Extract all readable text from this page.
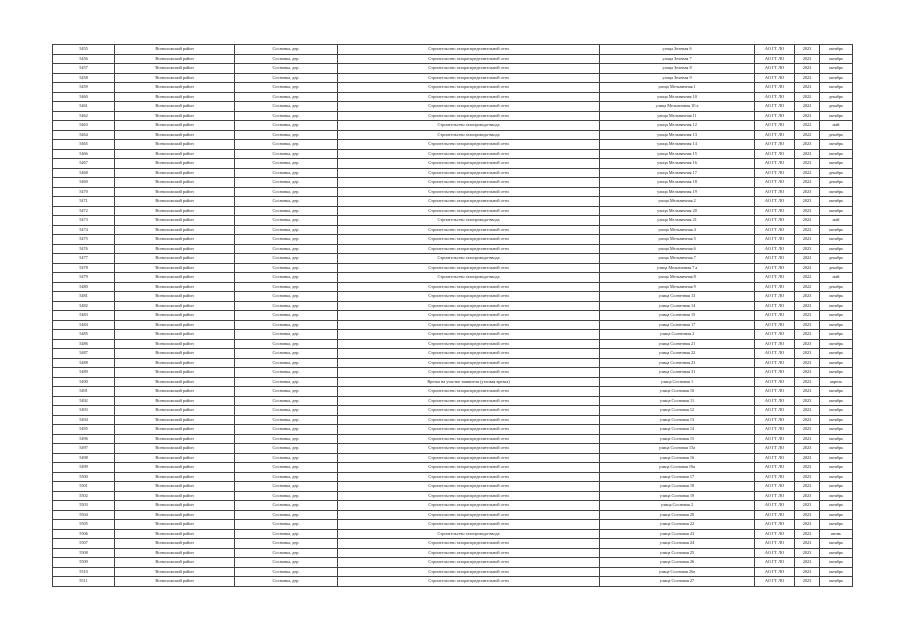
5455	Всеволожский район	Сосновка, дер.	Строительство газораспределительной сети	улица Зеленая 6	АО ГТ ЛО	2023	октябрь
5456	Всеволожский район	Сосновка, дер.	Строительство газораспределительной сети	улица Зеленая 7	АО ГТ ЛО	2023	октябрь
5457	Всеволожский район	Сосновка, дер.	Строительство газораспределительной сети	улица Зеленая 8	АО ГТ ЛО	2023	октябрь
5458	Всеволожский район	Сосновка, дер.	Строительство газораспределительной сети	улица Зеленая 9	АО ГТ ЛО	2023	октябрь
5459	Всеволожский район	Сосновка, дер.	Строительство газораспределительной сети	улица Мельничная 1	АО ГТ ЛО	2023	октябрь
5460	Всеволожский район	Сосновка, дер.	Строительство газораспределительной сети	улица Мельничная 10	АО ГТ ЛО	2022	декабрь
5461	Всеволожский район	Сосновка, дер.	Строительство газораспределительной сети	улица Мельничная 10 а	АО ГТ ЛО	2022	декабрь
5462	Всеволожский район	Сосновка, дер.	Строительство газораспределительной сети	улица Мельничная 11	АО ГТ ЛО	2023	октябрь
5463	Всеволожский район	Сосновка, дер.	Строительство газопровода-ввода	улица Мельничная 12	АО ГТ ЛО	2022	май
5464	Всеволожский район	Сосновка, дер.	Строительство газопровода-ввода	улица Мельничная 13	АО ГТ ЛО	2022	декабрь
5465	Всеволожский район	Сосновка, дер.	Строительство газораспределительной сети	улица Мельничная 14	АО ГТ ЛО	2023	октябрь
5466	Всеволожский район	Сосновка, дер.	Строительство газораспределительной сети	улица Мельничная 15	АО ГТ ЛО	2023	октябрь
5467	Всеволожский район	Сосновка, дер.	Строительство газораспределительной сети	улица Мельничная 16	АО ГТ ЛО	2023	октябрь
5468	Всеволожский район	Сосновка, дер.	Строительство газораспределительной сети	улица Мельничная 17	АО ГТ ЛО	2022	декабрь
5469	Всеволожский район	Сосновка, дер.	Строительство газораспределительной сети	улица Мельничная 18	АО ГТ ЛО	2022	декабрь
5470	Всеволожский район	Сосновка, дер.	Строительство газораспределительной сети	улица Мельничная 19	АО ГТ ЛО	2023	октябрь
5471	Всеволожский район	Сосновка, дер.	Строительство газораспределительной сети	улица Мельничная 2	АО ГТ ЛО	2023	октябрь
5472	Всеволожский район	Сосновка, дер.	Строительство газораспределительной сети	улица Мельничная 20	АО ГТ ЛО	2023	октябрь
5473	Всеволожский район	Сосновка, дер.	Строительство газопровода-ввода	улица Мельничная 21	АО ГТ ЛО	2022	май
5474	Всеволожский район	Сосновка, дер.	Строительство газораспределительной сети	улица Мельничная 4	АО ГТ ЛО	2023	октябрь
5475	Всеволожский район	Сосновка, дер.	Строительство газораспределительной сети	улица Мельничная 5	АО ГТ ЛО	2023	октябрь
5476	Всеволожский район	Сосновка, дер.	Строительство газораспределительной сети	улица Мельничная 6	АО ГТ ЛО	2023	октябрь
5477	Всеволожский район	Сосновка, дер.	Строительство газопровода-ввода	улица Мельничная 7	АО ГТ ЛО	2022	декабрь
5478	Всеволожский район	Сосновка, дер.	Строительство газораспределительной сети	улица Мельничная 7 а	АО ГТ ЛО	2022	декабрь
5479	Всеволожский район	Сосновка, дер.	Строительство газопровода-ввода	улица Мельничная 8	АО ГТ ЛО	2022	май
5480	Всеволожский район	Сосновка, дер.	Строительство газораспределительной сети	улица Мельничная 9	АО ГТ ЛО	2022	декабрь
5481	Всеволожский район	Сосновка, дер.	Строительство газораспределительной сети	улица Солнечная 13	АО ГТ ЛО	2023	октябрь
5482	Всеволожский район	Сосновка, дер.	Строительство газораспределительной сети	улица Солнечная 14	АО ГТ ЛО	2023	октябрь
5483	Всеволожский район	Сосновка, дер.	Строительство газораспределительной сети	улица Солнечная 15	АО ГТ ЛО	2023	октябрь
5484	Всеволожский район	Сосновка, дер.	Строительство газораспределительной сети	улица Солнечная 17	АО ГТ ЛО	2023	октябрь
5485	Всеволожский район	Сосновка, дер.	Строительство газораспределительной сети	улица Солнечная 2	АО ГТ ЛО	2023	октябрь
5486	Всеволожский район	Сосновка, дер.	Строительство газораспределительной сети	улица Солнечная 21	АО ГТ ЛО	2023	октябрь
5487	Всеволожский район	Сосновка, дер.	Строительство газораспределительной сети	улица Солнечная 22	АО ГТ ЛО	2023	октябрь
5488	Всеволожский район	Сосновка, дер.	Строительство газораспределительной сети	улица Солнечная 23	АО ГТ ЛО	2023	октябрь
5489	Всеволожский район	Сосновка, дер.	Строительство газораспределительной сети	улица Солнечная 31	АО ГТ ЛО	2023	октябрь
5490	Всеволожский район	Сосновка, дер.	Врезка на участке заявителя (угловая врезка)	улица Сосновая 1	АО ГТ ЛО	2023	апрель
5491	Всеволожский район	Сосновка, дер.	Строительство газораспределительной сети	улица Сосновая 10	АО ГТ ЛО	2023	октябрь
5492	Всеволожский район	Сосновка, дер.	Строительство газораспределительной сети	улица Сосновая 11	АО ГТ ЛО	2023	октябрь
5493	Всеволожский район	Сосновка, дер.	Строительство газораспределительной сети	улица Сосновая 12	АО ГТ ЛО	2023	октябрь
5494	Всеволожский район	Сосновка, дер.	Строительство газораспределительной сети	улица Сосновая 13	АО ГТ ЛО	2023	октябрь
5495	Всеволожский район	Сосновка, дер.	Строительство газораспределительной сети	улица Сосновая 14	АО ГТ ЛО	2023	октябрь
5496	Всеволожский район	Сосновка, дер.	Строительство газораспределительной сети	улица Сосновая 15	АО ГТ ЛО	2023	октябрь
5497	Всеволожский район	Сосновка, дер.	Строительство газораспределительной сети	улица Сосновая 15а	АО ГТ ЛО	2023	октябрь
5498	Всеволожский район	Сосновка, дер.	Строительство газораспределительной сети	улица Сосновая 16	АО ГТ ЛО	2023	октябрь
5499	Всеволожский район	Сосновка, дер.	Строительство газораспределительной сети	улица Сосновая 16а	АО ГТ ЛО	2023	октябрь
5500	Всеволожский район	Сосновка, дер.	Строительство газораспределительной сети	улица Сосновая 17	АО ГТ ЛО	2023	октябрь
5501	Всеволожский район	Сосновка, дер.	Строительство газораспределительной сети	улица Сосновая 18	АО ГТ ЛО	2023	октябрь
5502	Всеволожский район	Сосновка, дер.	Строительство газораспределительной сети	улица Сосновая 19	АО ГТ ЛО	2023	октябрь
5503	Всеволожский район	Сосновка, дер.	Строительство газораспределительной сети	улица Сосновая 2	АО ГТ ЛО	2023	октябрь
5504	Всеволожский район	Сосновка, дер.	Строительство газораспределительной сети	улица Сосновая 20	АО ГТ ЛО	2023	октябрь
5505	Всеволожский район	Сосновка, дер.	Строительство газораспределительной сети	улица Сосновая 22	АО ГТ ЛО	2023	октябрь
5506	Всеволожский район	Сосновка, дер.	Строительство газопровода-ввода	улица Сосновая 23	АО ГТ ЛО	2023	июнь
5507	Всеволожский район	Сосновка, дер.	Строительство газораспределительной сети	улица Сосновая 24	АО ГТ ЛО	2023	октябрь
5508	Всеволожский район	Сосновка, дер.	Строительство газораспределительной сети	улица Сосновая 25	АО ГТ ЛО	2023	октябрь
5509	Всеволожский район	Сосновка, дер.	Строительство газораспределительной сети	улица Сосновая 26	АО ГТ ЛО	2023	октябрь
5510	Всеволожский район	Сосновка, дер.	Строительство газораспределительной сети	улица Сосновая 26а	АО ГТ ЛО	2023	октябрь
5511	Всеволожский район	Сосновка, дер.	Строительство газораспределительной сети	улица Сосновая 27	АО ГТ ЛО	2023	октябрь
